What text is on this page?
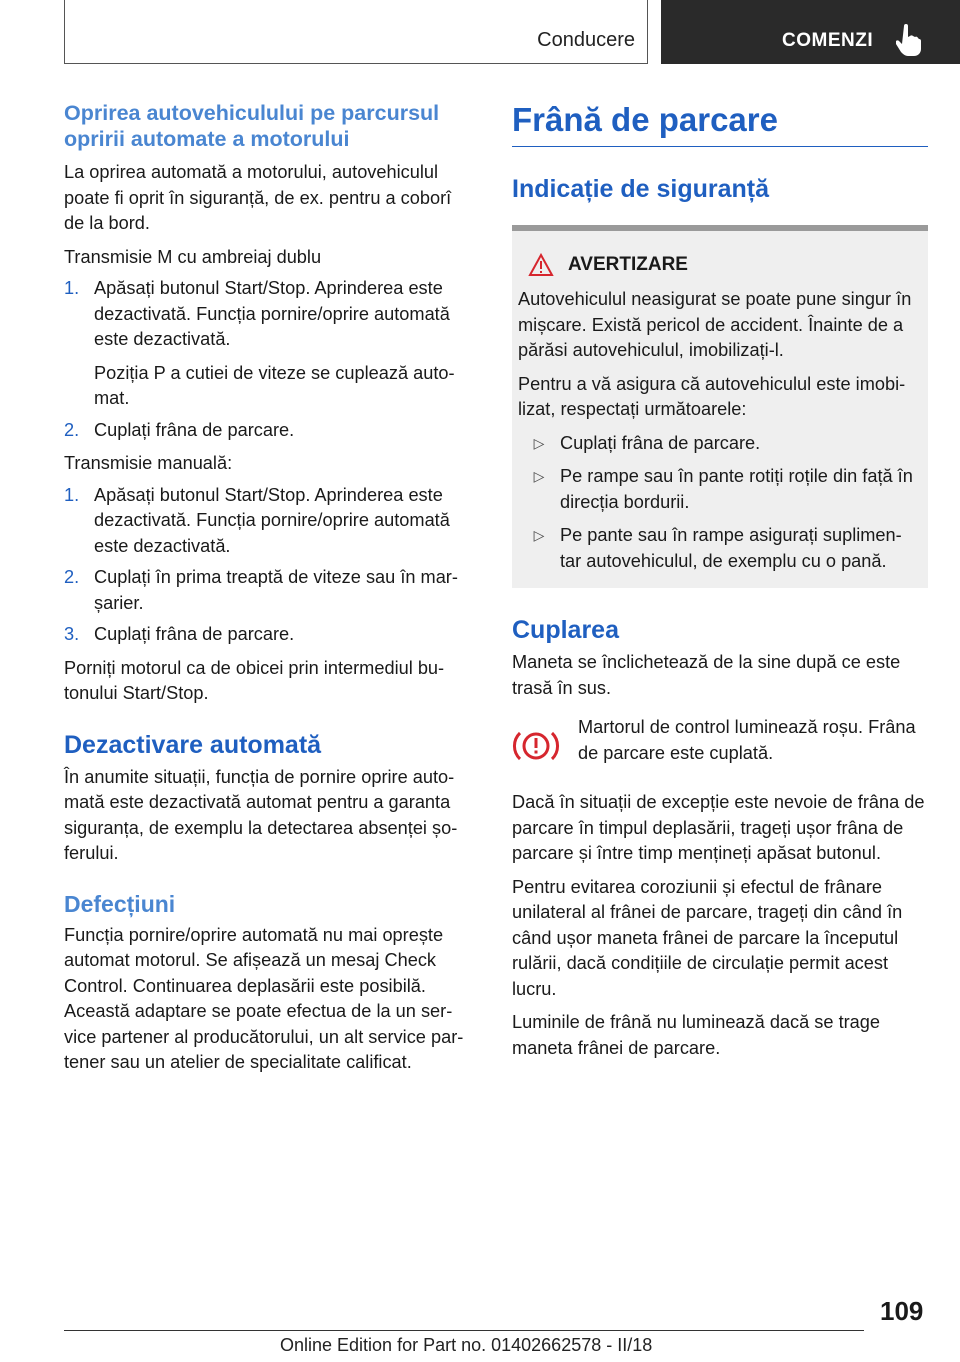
Conducere	COMENZI
Oprirea autovehiculului pe parcursul opririi automate a motorului

La oprirea automată a motorului, autovehiculul poate fi oprit în siguranță, de ex. pentru a coborî de la bord.

Transmisie M cu ambreiaj dublu

1. Apăsați butonul Start/Stop. Aprinderea este dezactivată. Funcția pornire/oprire automată este dezactivată.

Poziția P a cutiei de viteze se cuplează auto- mat.

2. Cuplați frâna de parcare.

Transmisie manuală:

1. Apăsați butonul Start/Stop. Aprinderea este dezactivată. Funcția pornire/oprire automată este dezactivată.
2. Cuplați în prima treaptă de viteze sau în mar- șarier.
3. Cuplați frâna de parcare.

Porniți motorul ca de obicei prin intermediul bu- tonului Start/Stop.

Dezactivare automată

În anumite situații, funcția de pornire oprire auto- mată este dezactivată automat pentru a garanta siguranța, de exemplu la detectarea absenței șo- ferului.

Defecțiuni

Funcția pornire/oprire automată nu mai oprește automat motorul. Se afișează un mesaj Check Control. Continuarea deplasării este posibilă. Această adaptare se poate efectua de la un ser- vice partener al producătorului, un alt service par- tener sau un atelier de specialitate calificat.

Frână de parcare
Indicație de siguranță
AVERTIZARE

Autovehiculul neasigurat se poate pune singur în mișcare. Există pericol de accident. Înainte de a părăsi autovehiculul, imobilizați-l.

Pentru a vă asigura că autovehiculul este imobi- lizat, respectați următoarele:

▷ Cuplați frâna de parcare.
▷ Pe rampe sau în pante rotiți roțile din față în direcția bordurii.
▷ Pe pante sau în rampe asigurați suplimen- tar autovehiculul, de exemplu cu o pană.
Cuplarea

Maneta se înclichetează de la sine după ce este trasă în sus.

Martorul de control luminează roșu. Frâna de parcare este cuplată.

Dacă în situații de excepție este nevoie de frâna de parcare în timpul deplasării, trageți ușor frâna de parcare și între timp mențineți apăsat butonul.

Pentru evitarea coroziunii și efectul de frânare unilateral al frânei de parcare, trageți din când în când ușor maneta frânei de parcare la începutul rulării, dacă condițiile de circulație permit acest lucru.

Luminile de frână nu luminează dacă se trage maneta frânei de parcare.

109
Online Edition for Part no. 01402662578 - II/18
